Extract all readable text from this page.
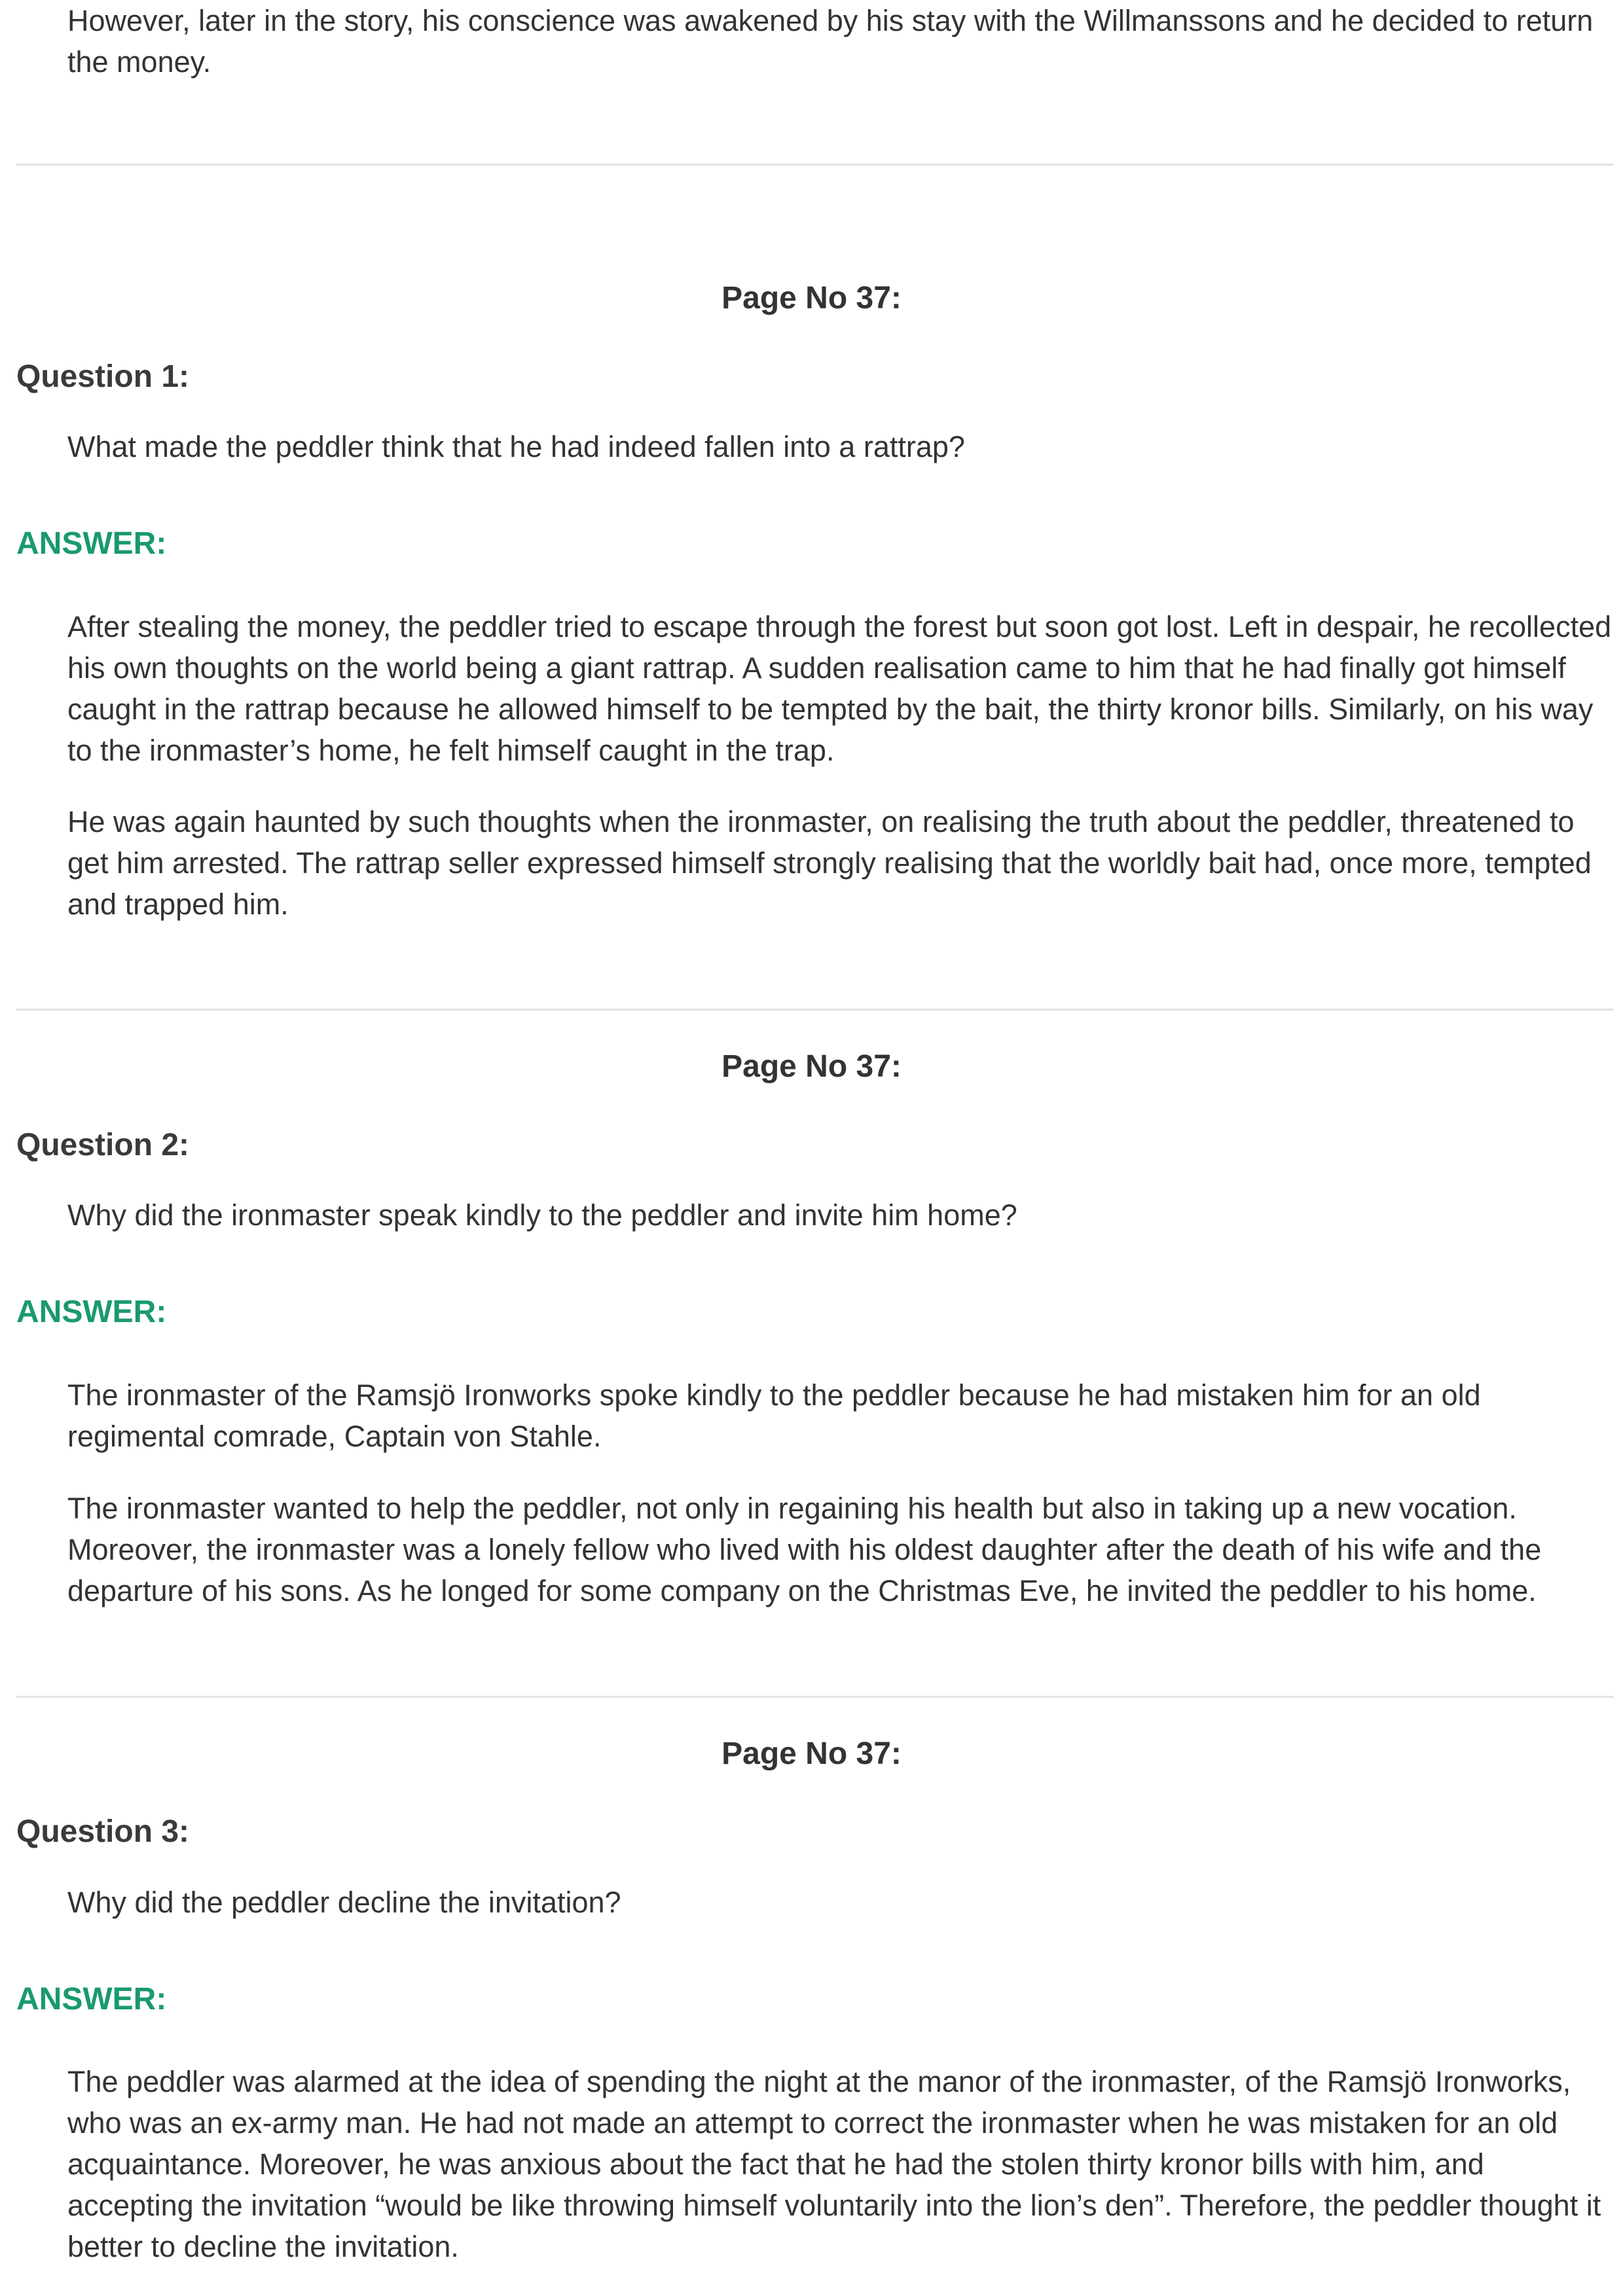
However, later in the story, his conscience was awakened by his stay with the Willmanssons and he decided to return the money.

Page No 37:
Question 1:

What made the peddler think that he had indeed fallen into a rattrap?

ANSWER:

After stealing the money, the peddler tried to escape through the forest but soon got lost. Left in despair, he recollected his own thoughts on the world being a giant rattrap. A sudden realisation came to him that he had finally got himself caught in the rattrap because he allowed himself to be tempted by the bait, the thirty kronor bills. Similarly, on his way to the ironmaster’s home, he felt himself caught in the trap.

He was again haunted by such thoughts when the ironmaster, on realising the truth about the peddler, threatened to get him arrested. The rattrap seller expressed himself strongly realising that the worldly bait had, once more, tempted and trapped him.

Page No 37:
Question 2:

Why did the ironmaster speak kindly to the peddler and invite him home?

ANSWER:

The ironmaster of the Ramsjö Ironworks spoke kindly to the peddler because he had mistaken him for an old regimental comrade, Captain von Stahle.

The ironmaster wanted to help the peddler, not only in regaining his health but also in taking up a new vocation. Moreover, the ironmaster was a lonely fellow who lived with his oldest daughter after the death of his wife and the departure of his sons. As he longed for some company on the Christmas Eve, he invited the peddler to his home.

Page No 37:
Question 3:

Why did the peddler decline the invitation?

ANSWER:

The peddler was alarmed at the idea of spending the night at the manor of the ironmaster, of the Ramsjö Ironworks, who was an ex-army man. He had not made an attempt to correct the ironmaster when he was mistaken for an old acquaintance. Moreover, he was anxious about the fact that he had the stolen thirty kronor bills with him, and accepting the invitation “would be like throwing himself voluntarily into the lion’s den”. Therefore, the peddler thought it better to decline the invitation.
